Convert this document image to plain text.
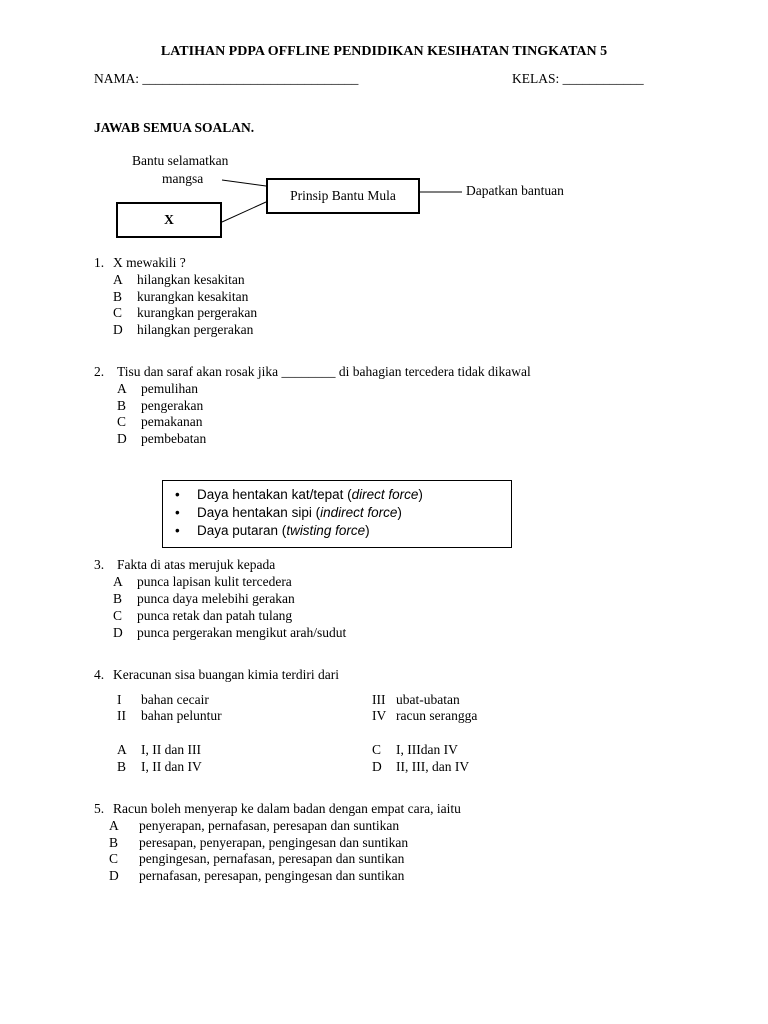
LATIHAN PDPA OFFLINE PENDIDIKAN KESIHATAN TINGKATAN 5
NAMA: ________________________________	KELAS: ____________
JAWAB SEMUA SOALAN.
Bantu selamatkan
mangsa
Prinsip Bantu Mula	Dapatkan bantuan
X
1. X mewakili ?
A hilangkan kesakitan
B kurangkan kesakitan
C kurangkan pergerakan
D hilangkan pergerakan
2. Tisu dan saraf akan rosak jika ________ di bahagian tercedera tidak dikawal
A pemulihan
B pengerakan
C pemakanan
D pembebatan
• Daya hentakan kat/tepat (direct force)
• Daya hentakan sipi (indirect force)
• Daya putaran (twisting force)
3. Fakta di atas merujuk kepada
A punca lapisan kulit tercedera
B punca daya melebihi gerakan
C punca retak dan patah tulang
D punca pergerakan mengikut arah/sudut
4. Keracunan sisa buangan kimia terdiri dari
I bahan cecair
II bahan peluntur
III ubat-ubatan
IV racun serangga
A I, II dan III
B I, II dan IV
C I, IIIdan IV
D II, III, dan IV
5. Racun boleh menyerap ke dalam badan dengan empat cara, iaitu
A penyerapan, pernafasan, peresapan dan suntikan
B peresapan, penyerapan, pengingesan dan suntikan
C pengingesan, pernafasan, peresapan dan suntikan
D pernafasan, peresapan, pengingesan dan suntikan
